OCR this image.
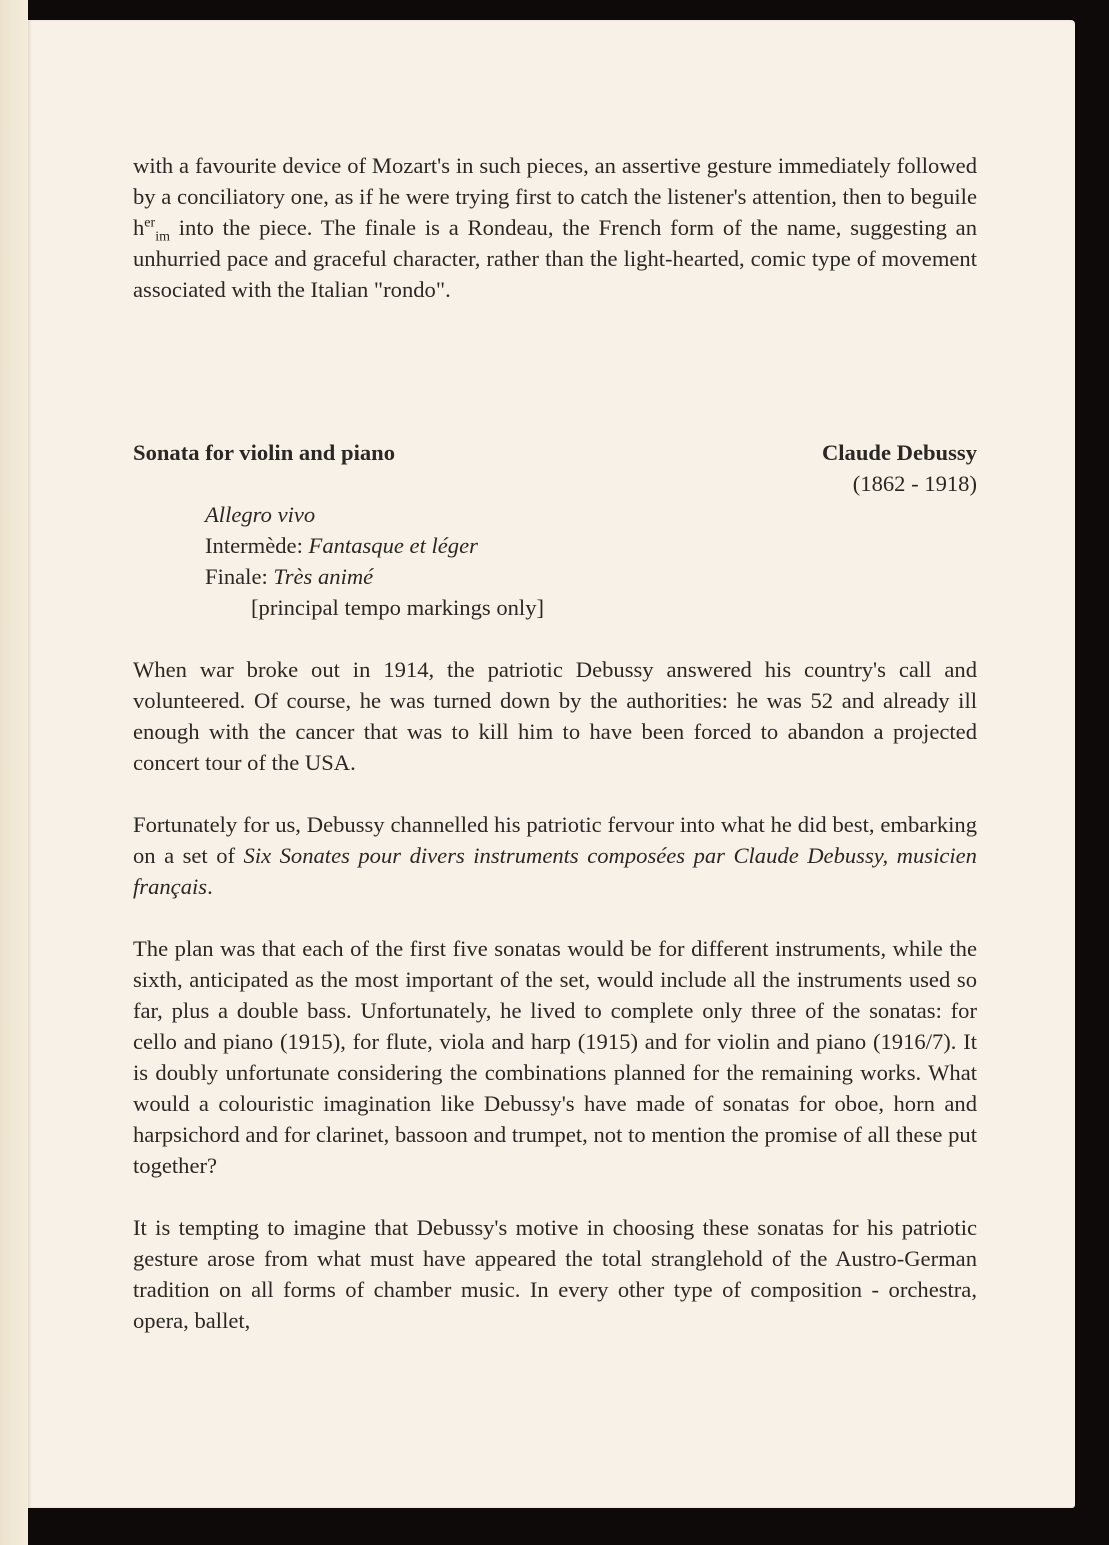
with a favourite device of Mozart's in such pieces, an assertive gesture immediately followed by a conciliatory one, as if he were trying first to catch the listener's attention, then to beguile $h^{er}_{im}$ into the piece. The finale is a Rondeau, the French form of the name, suggesting an unhurried pace and graceful character, rather than the light-hearted, comic type of movement associated with the Italian "rondo".

Sonata for violin and piano	Claude Debussy
(1862 - 1918)
Allegro vivo
Intermède: Fantasque et léger
Finale: Très animé
[principal tempo markings only]

When war broke out in 1914, the patriotic Debussy answered his country's call and volunteered. Of course, he was turned down by the authorities: he was 52 and already ill enough with the cancer that was to kill him to have been forced to abandon a projected concert tour of the USA.

Fortunately for us, Debussy channelled his patriotic fervour into what he did best, embarking on a set of Six Sonates pour divers instruments composées par Claude Debussy, musicien français.

The plan was that each of the first five sonatas would be for different instruments, while the sixth, anticipated as the most important of the set, would include all the instruments used so far, plus a double bass. Unfortunately, he lived to complete only three of the sonatas: for cello and piano (1915), for flute, viola and harp (1915) and for violin and piano (1916/7). It is doubly unfortunate considering the combinations planned for the remaining works. What would a colouristic imagination like Debussy's have made of sonatas for oboe, horn and harpsichord and for clarinet, bassoon and trumpet, not to mention the promise of all these put together?

It is tempting to imagine that Debussy's motive in choosing these sonatas for his patriotic gesture arose from what must have appeared the total stranglehold of the Austro-German tradition on all forms of chamber music. In every other type of composition - orchestra, opera, ballet,
